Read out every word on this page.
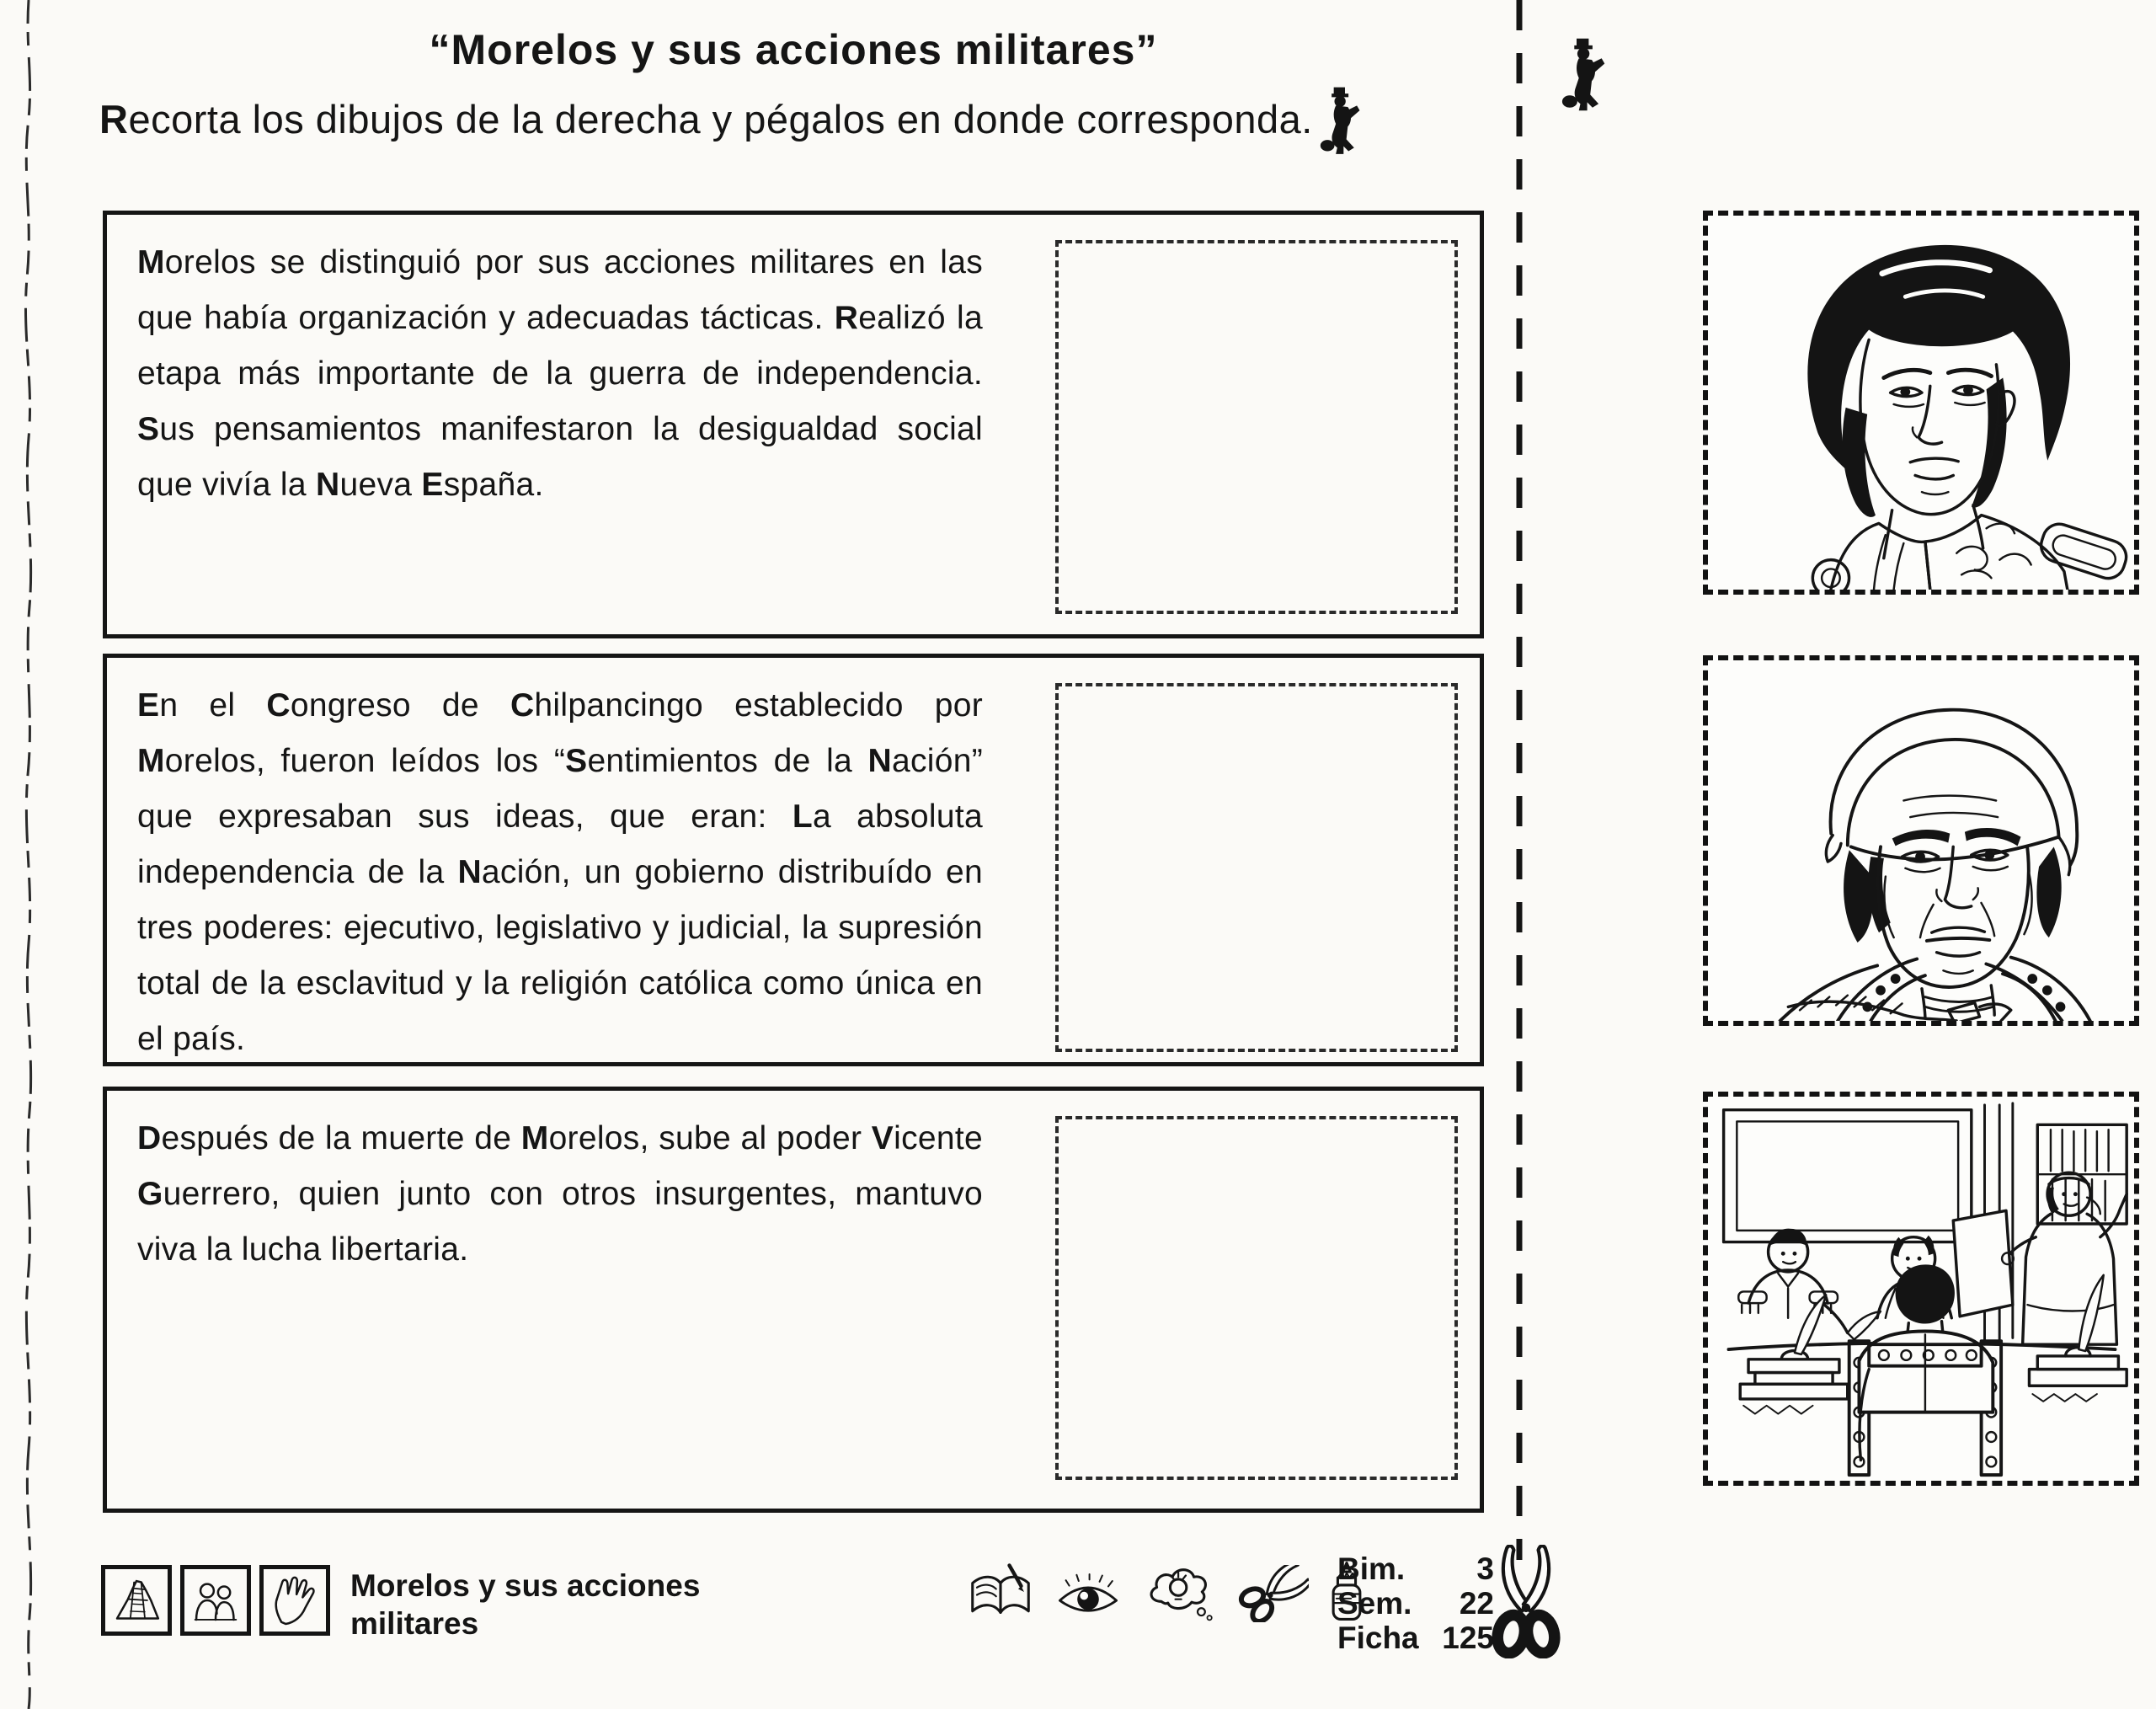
“Morelos y sus acciones militares”
Recorta los dibujos de la derecha y pégalos en donde corresponda.

Morelos se distinguió por sus acciones militares en las que había organización y adecuadas tácticas. Realizó la etapa más importante de la guerra de independencia. Sus pensamientos manifestaron la desigualdad social que vivía la Nueva España.

En el Congreso de Chilpancingo establecido por Morelos, fueron leídos los “Sentimientos de la Nación” que expresaban sus ideas, que eran: La absoluta independencia de la Nación, un gobierno distribuído en tres poderes: ejecutivo, legislativo y judicial, la supresión total de la esclavitud y la religión católica como única en el país.

Después de la muerte de Morelos, sube al poder Vicente Guerrero, quien junto con otros insurgentes, mantuvo viva la lucha libertaria.

Morelos y sus acciones militares
Bim. 3
Sem. 22
Ficha 125
